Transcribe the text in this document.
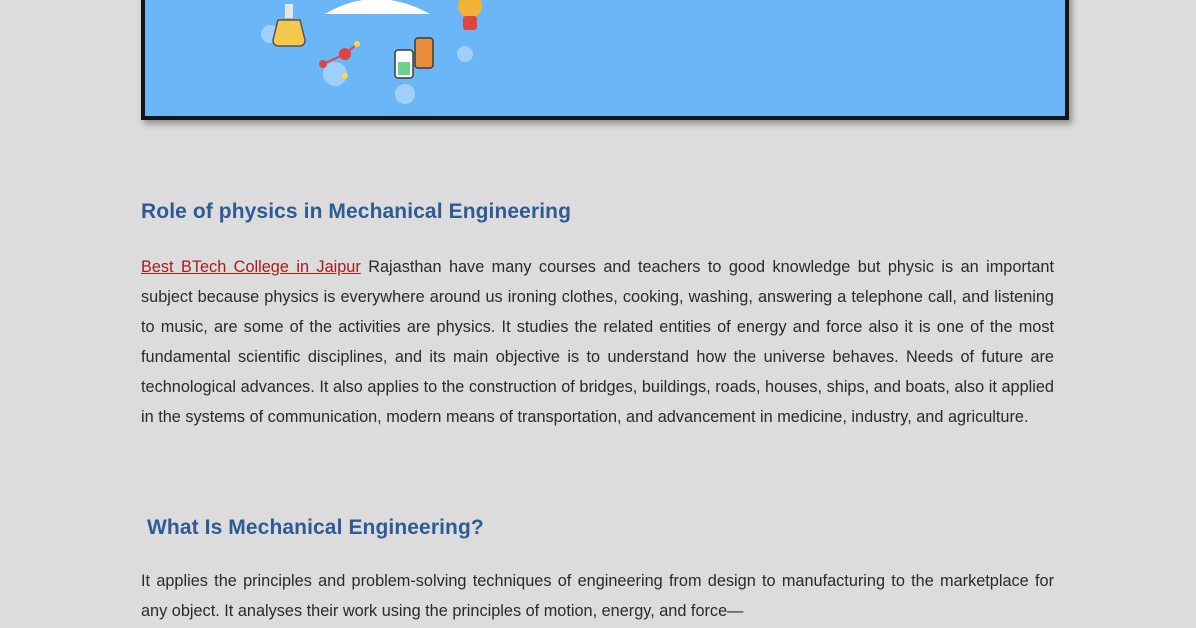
Role of physics in Mechanical Engineering

Best BTech College in Jaipur Rajasthan have many courses and teachers to good knowledge but physic is an important subject because physics is everywhere around us ironing clothes, cooking, washing, answering a telephone call, and listening to music, are some of the activities are physics. It studies the related entities of energy and force also it is one of the most fundamental scientific disciplines, and its main objective is to understand how the universe behaves. Needs of future are technological advances. It also applies to the construction of bridges, buildings, roads, houses, ships, and boats, also it applied in the systems of communication, modern means of transportation, and advancement in medicine, industry, and agriculture.

What Is Mechanical Engineering?

It applies the principles and problem-solving techniques of engineering from design to manufacturing to the marketplace for any object. It analyses their work using the principles of motion, energy, and force—
